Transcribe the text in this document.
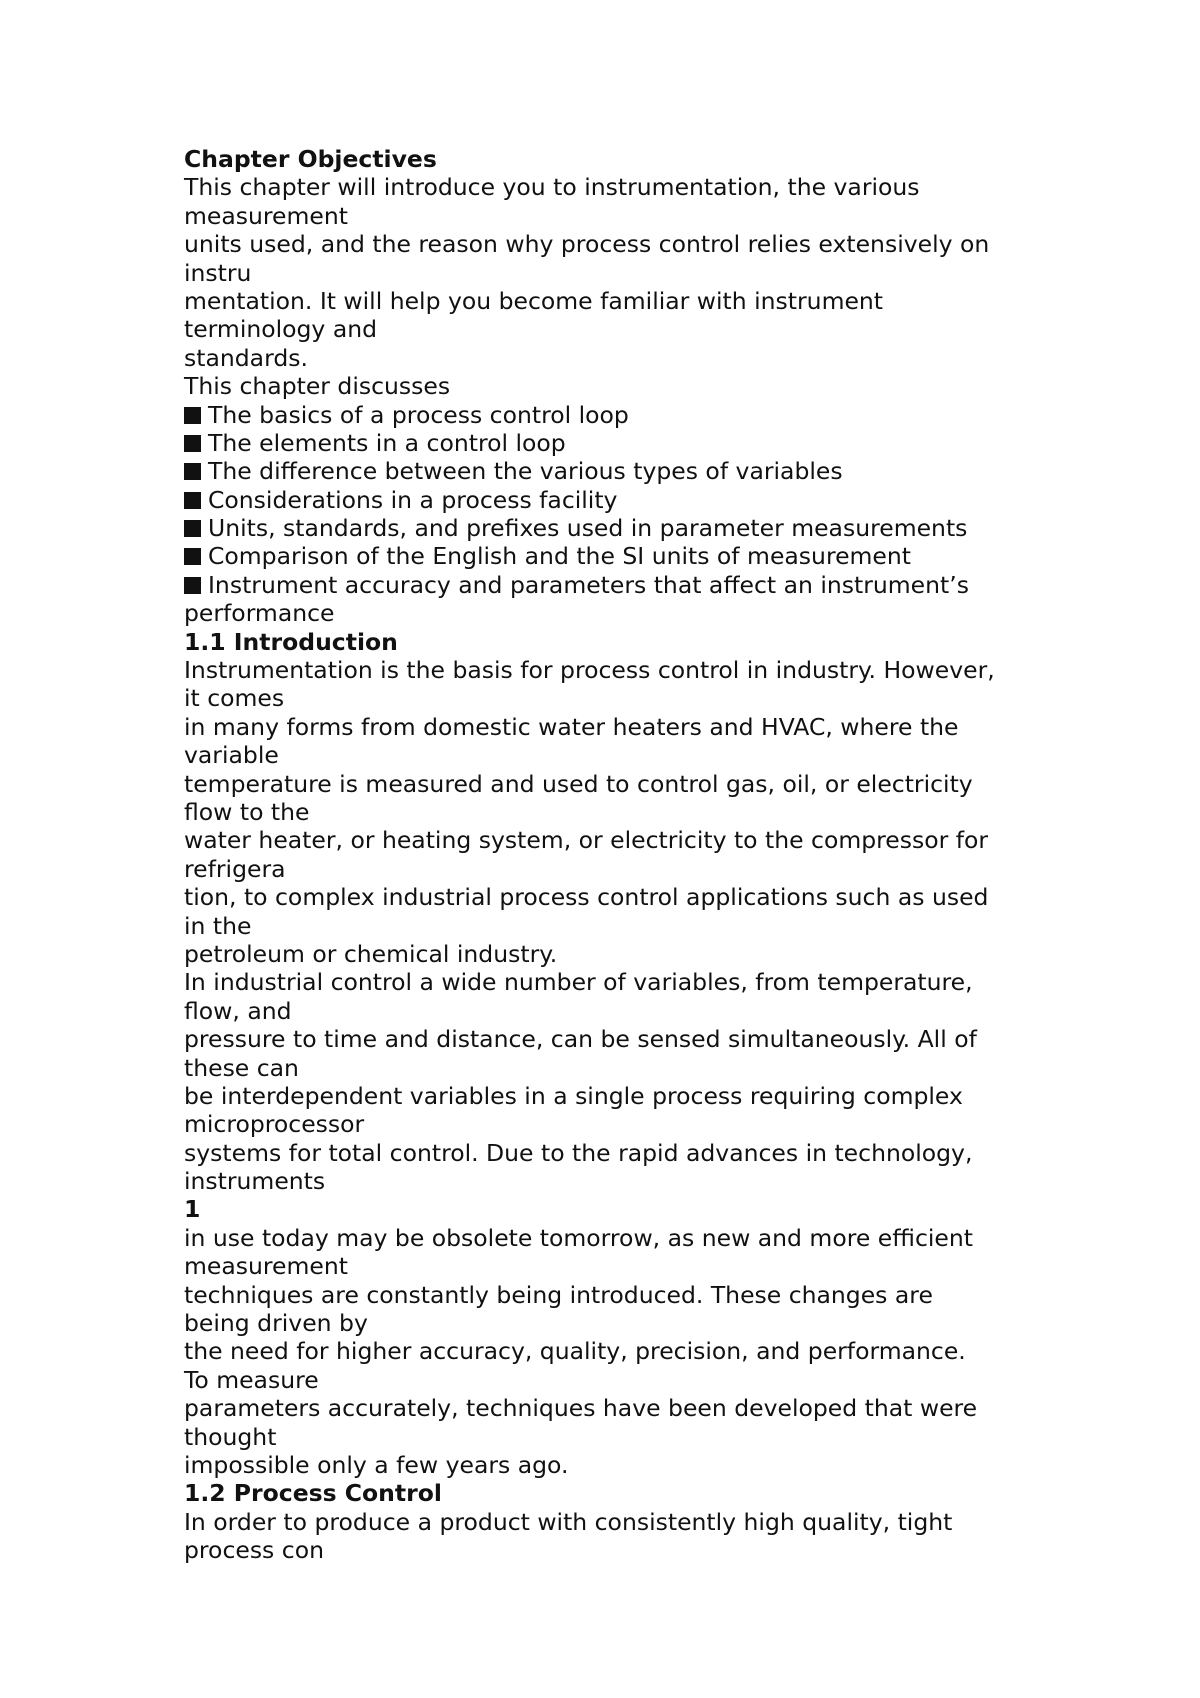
Chapter Objectives
This chapter will introduce you to instrumentation, the various
measurement
units used, and the reason why process control relies extensively on
instru
mentation. It will help you become familiar with instrument
terminology and
standards.
This chapter discusses
The basics of a process control loop
The elements in a control loop
The difference between the various types of variables
Considerations in a process facility
Units, standards, and prefixes used in parameter measurements
Comparison of the English and the SI units of measurement
Instrument accuracy and parameters that affect an instrument’s
performance
1.1 Introduction
Instrumentation is the basis for process control in industry. However,
it comes
in many forms from domestic water heaters and HVAC, where the
variable
temperature is measured and used to control gas, oil, or electricity
flow to the
water heater, or heating system, or electricity to the compressor for
refrigera
tion, to complex industrial process control applications such as used
in the
petroleum or chemical industry.
In industrial control a wide number of variables, from temperature,
flow, and
pressure to time and distance, can be sensed simultaneously. All of
these can
be interdependent variables in a single process requiring complex
microprocessor
systems for total control. Due to the rapid advances in technology,
instruments
1
in use today may be obsolete tomorrow, as new and more efficient
measurement
techniques are constantly being introduced. These changes are
being driven by
the need for higher accuracy, quality, precision, and performance.
To measure
parameters accurately, techniques have been developed that were
thought
impossible only a few years ago.
1.2 Process Control
In order to produce a product with consistently high quality, tight
process con
